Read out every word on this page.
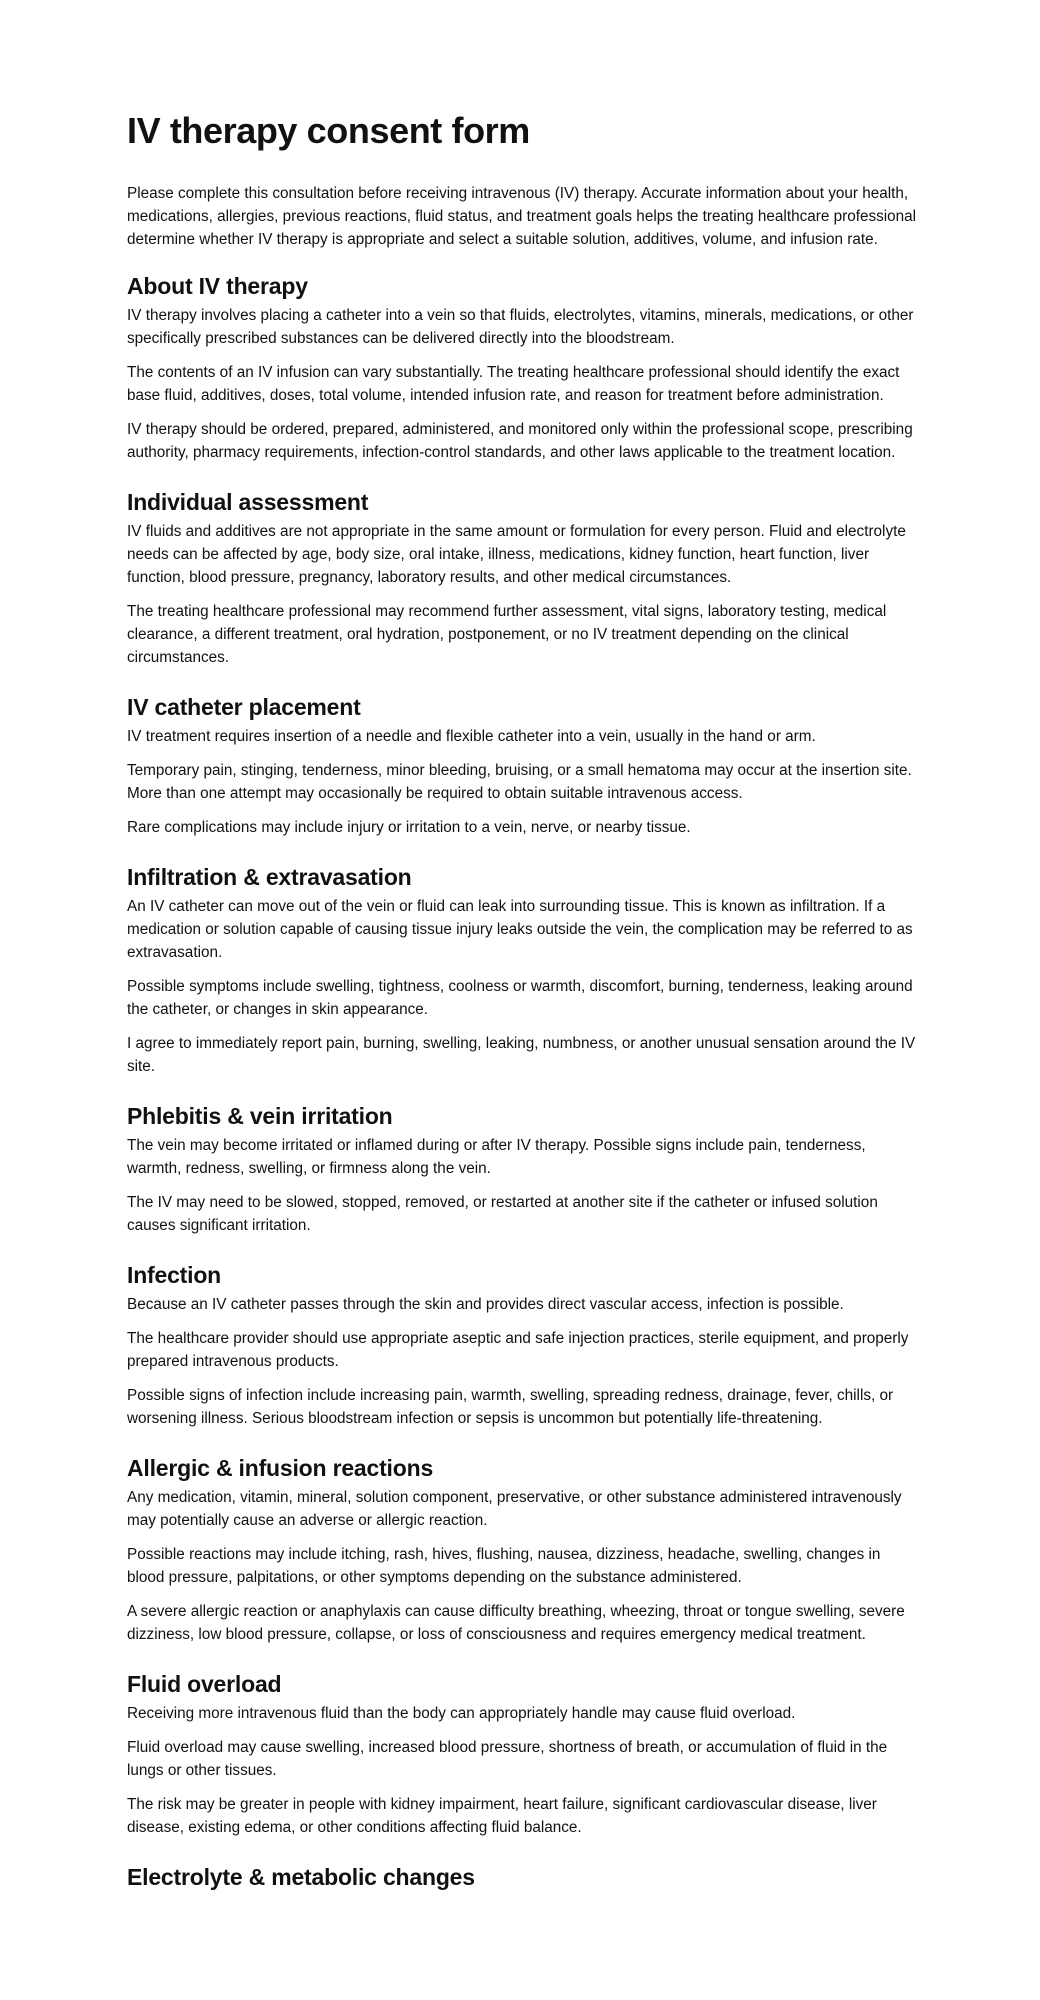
IV therapy consent form

Please complete this consultation before receiving intravenous (IV) therapy. Accurate information about your health, medications, allergies, previous reactions, fluid status, and treatment goals helps the treating healthcare professional determine whether IV therapy is appropriate and select a suitable solution, additives, volume, and infusion rate.

About IV therapy

IV therapy involves placing a catheter into a vein so that fluids, electrolytes, vitamins, minerals, medications, or other specifically prescribed substances can be delivered directly into the bloodstream.

The contents of an IV infusion can vary substantially. The treating healthcare professional should identify the exact base fluid, additives, doses, total volume, intended infusion rate, and reason for treatment before administration.

IV therapy should be ordered, prepared, administered, and monitored only within the professional scope, prescribing authority, pharmacy requirements, infection-control standards, and other laws applicable to the treatment location.

Individual assessment

IV fluids and additives are not appropriate in the same amount or formulation for every person. Fluid and electrolyte needs can be affected by age, body size, oral intake, illness, medications, kidney function, heart function, liver function, blood pressure, pregnancy, laboratory results, and other medical circumstances.

The treating healthcare professional may recommend further assessment, vital signs, laboratory testing, medical clearance, a different treatment, oral hydration, postponement, or no IV treatment depending on the clinical circumstances.

IV catheter placement

IV treatment requires insertion of a needle and flexible catheter into a vein, usually in the hand or arm.

Temporary pain, stinging, tenderness, minor bleeding, bruising, or a small hematoma may occur at the insertion site. More than one attempt may occasionally be required to obtain suitable intravenous access.

Rare complications may include injury or irritation to a vein, nerve, or nearby tissue.

Infiltration & extravasation

An IV catheter can move out of the vein or fluid can leak into surrounding tissue. This is known as infiltration. If a medication or solution capable of causing tissue injury leaks outside the vein, the complication may be referred to as extravasation.

Possible symptoms include swelling, tightness, coolness or warmth, discomfort, burning, tenderness, leaking around the catheter, or changes in skin appearance.

I agree to immediately report pain, burning, swelling, leaking, numbness, or another unusual sensation around the IV site.

Phlebitis & vein irritation

The vein may become irritated or inflamed during or after IV therapy. Possible signs include pain, tenderness, warmth, redness, swelling, or firmness along the vein.

The IV may need to be slowed, stopped, removed, or restarted at another site if the catheter or infused solution causes significant irritation.

Infection

Because an IV catheter passes through the skin and provides direct vascular access, infection is possible.

The healthcare provider should use appropriate aseptic and safe injection practices, sterile equipment, and properly prepared intravenous products.

Possible signs of infection include increasing pain, warmth, swelling, spreading redness, drainage, fever, chills, or worsening illness. Serious bloodstream infection or sepsis is uncommon but potentially life-threatening.

Allergic & infusion reactions

Any medication, vitamin, mineral, solution component, preservative, or other substance administered intravenously may potentially cause an adverse or allergic reaction.

Possible reactions may include itching, rash, hives, flushing, nausea, dizziness, headache, swelling, changes in blood pressure, palpitations, or other symptoms depending on the substance administered.

A severe allergic reaction or anaphylaxis can cause difficulty breathing, wheezing, throat or tongue swelling, severe dizziness, low blood pressure, collapse, or loss of consciousness and requires emergency medical treatment.

Fluid overload

Receiving more intravenous fluid than the body can appropriately handle may cause fluid overload.

Fluid overload may cause swelling, increased blood pressure, shortness of breath, or accumulation of fluid in the lungs or other tissues.

The risk may be greater in people with kidney impairment, heart failure, significant cardiovascular disease, liver disease, existing edema, or other conditions affecting fluid balance.

Electrolyte & metabolic changes
